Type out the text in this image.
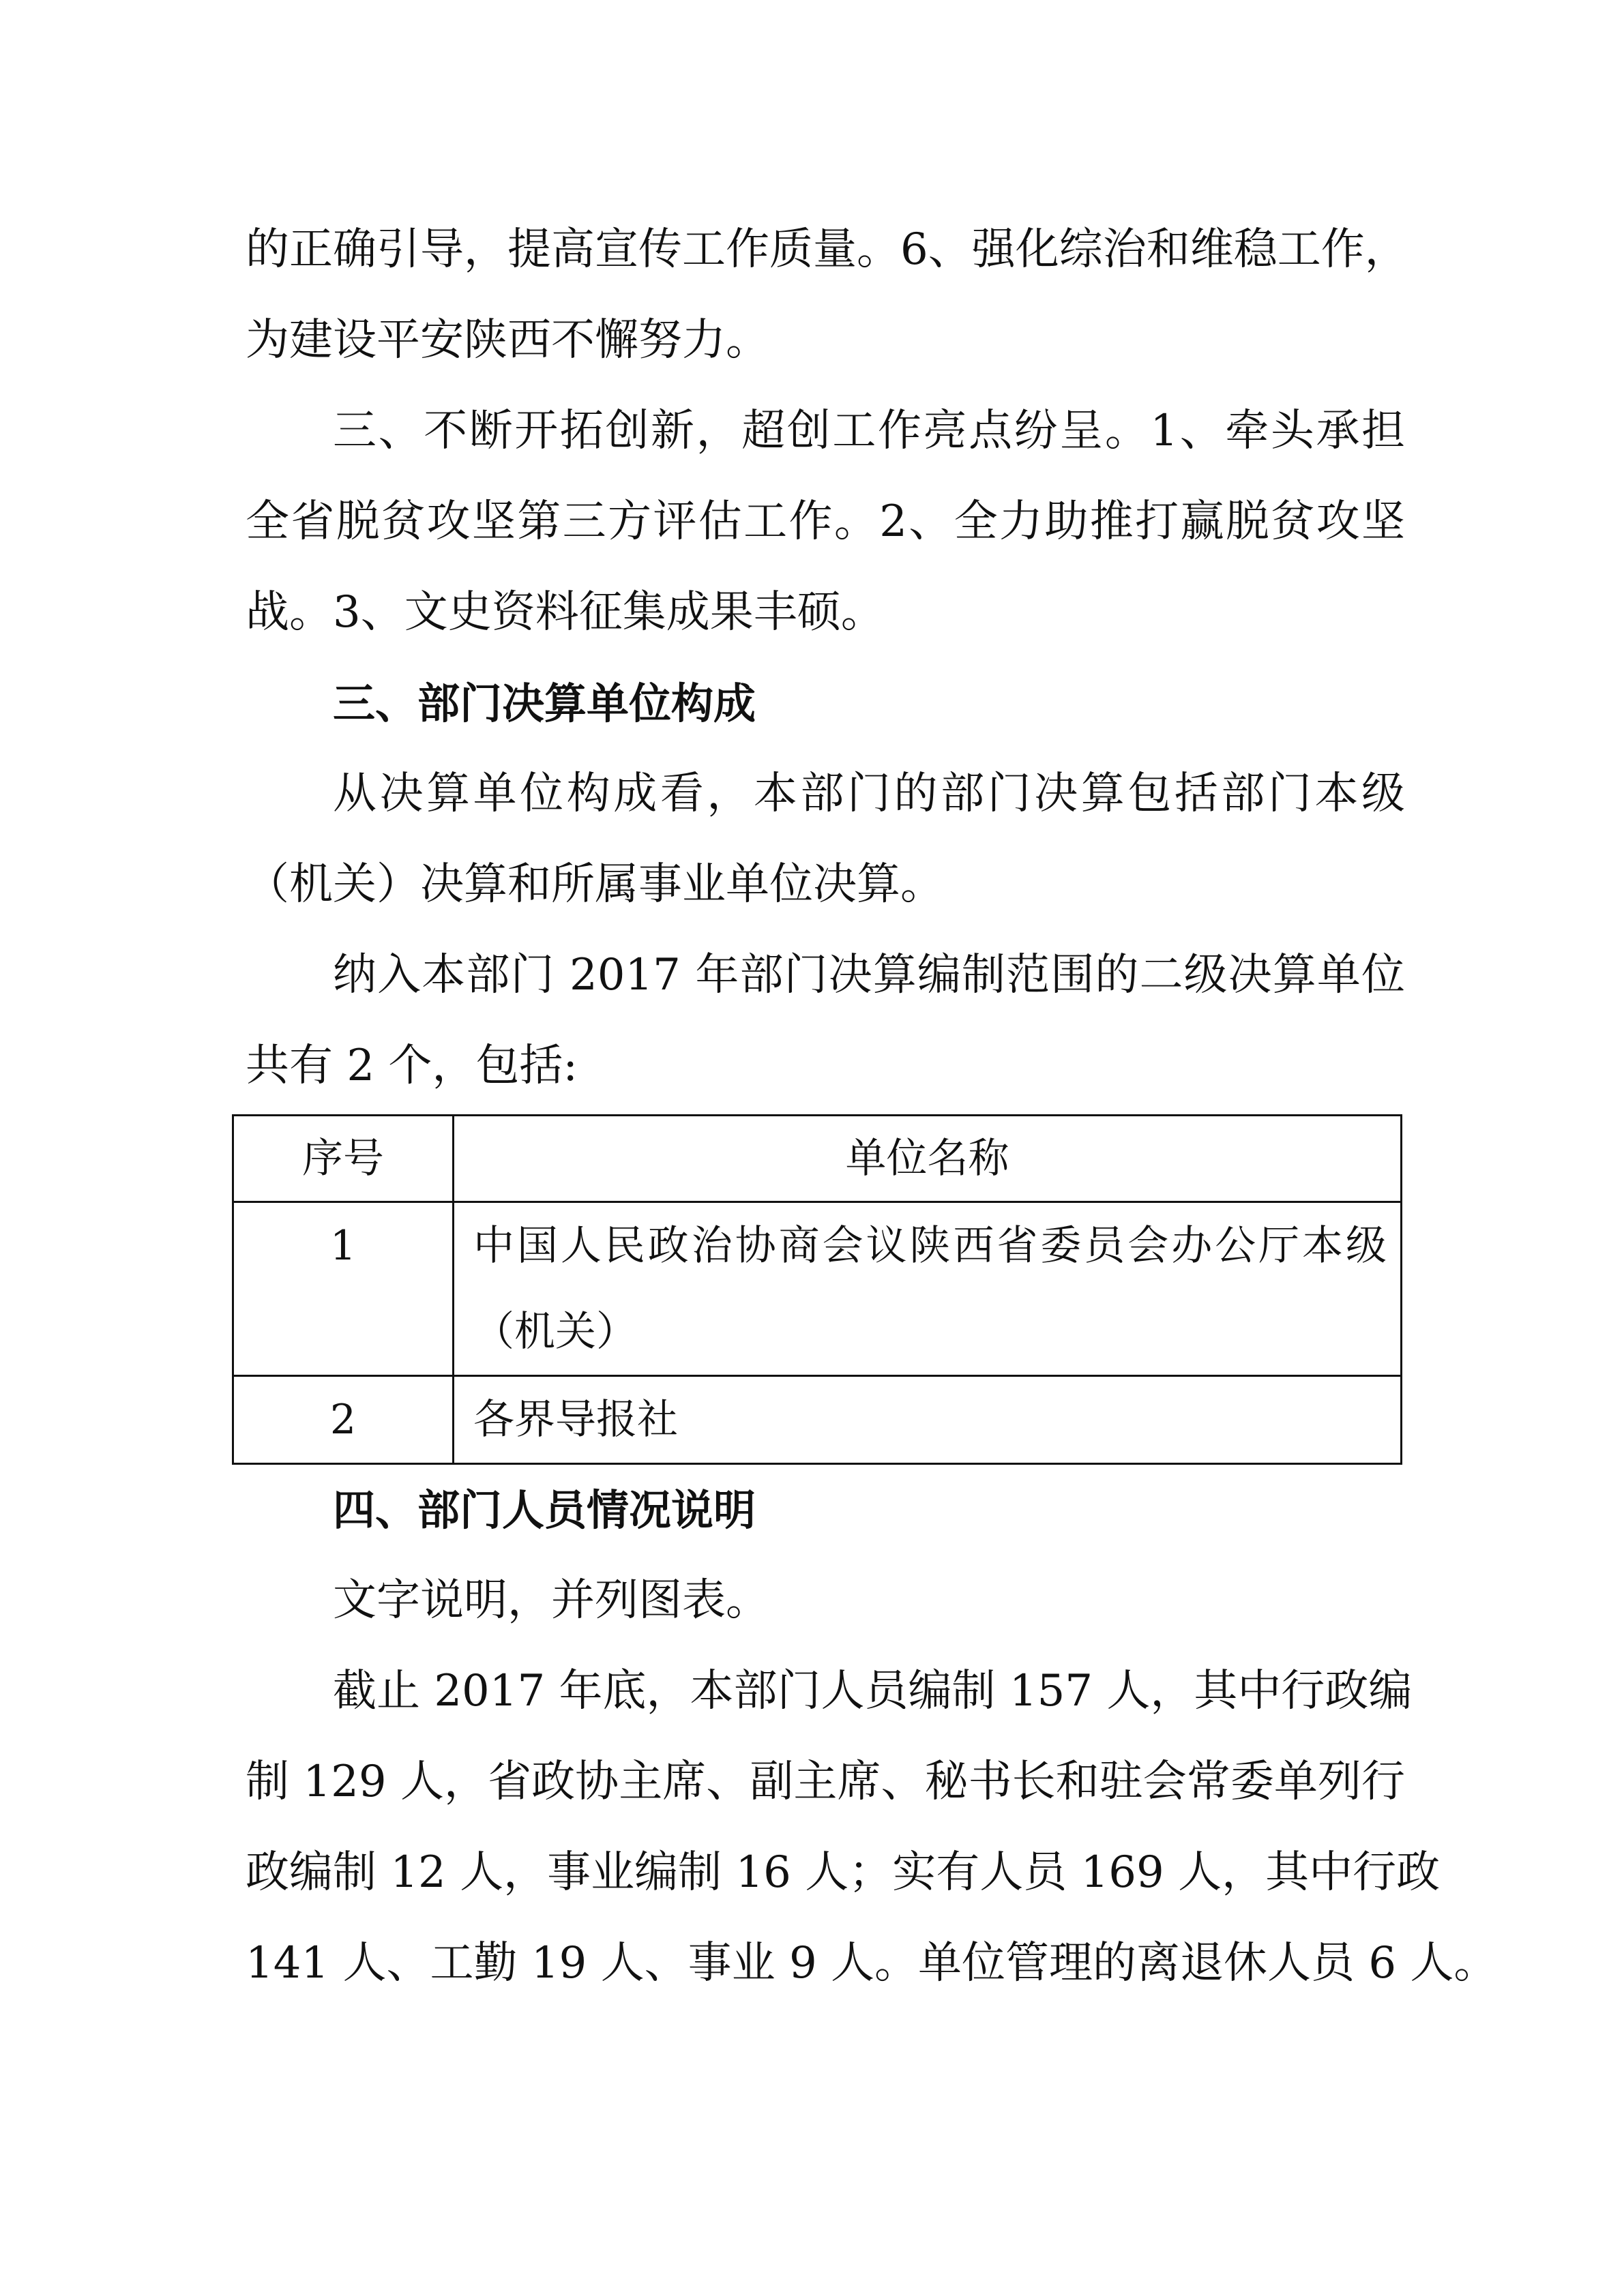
的正确引导，提高宣传工作质量。6、强化综治和维稳工作，
为建设平安陕西不懈努力。
三、不断开拓创新，超创工作亮点纷呈。1、牵头承担
全省脱贫攻坚第三方评估工作。2、全力助推打赢脱贫攻坚
战。3、文史资料征集成果丰硕。
三、部门决算单位构成
从决算单位构成看，本部门的部门决算包括部门本级
（机关）决算和所属事业单位决算。
纳入本部门 2017 年部门决算编制范围的二级决算单位
共有 2 个，包括:
序号	单位名称

1	中国人民政治协商会议陕西省委员会办公厅本级（机关）

2	各界导报社
四、部门人员情况说明
文字说明，并列图表。
截止 2017 年底，本部门人员编制 157 人，其中行政编
制 129 人，省政协主席、副主席、秘书长和驻会常委单列行
政编制 12 人，事业编制 16 人；实有人员 169 人，其中行政
141 人、工勤 19 人、事业 9 人。单位管理的离退休人员 6 人。
